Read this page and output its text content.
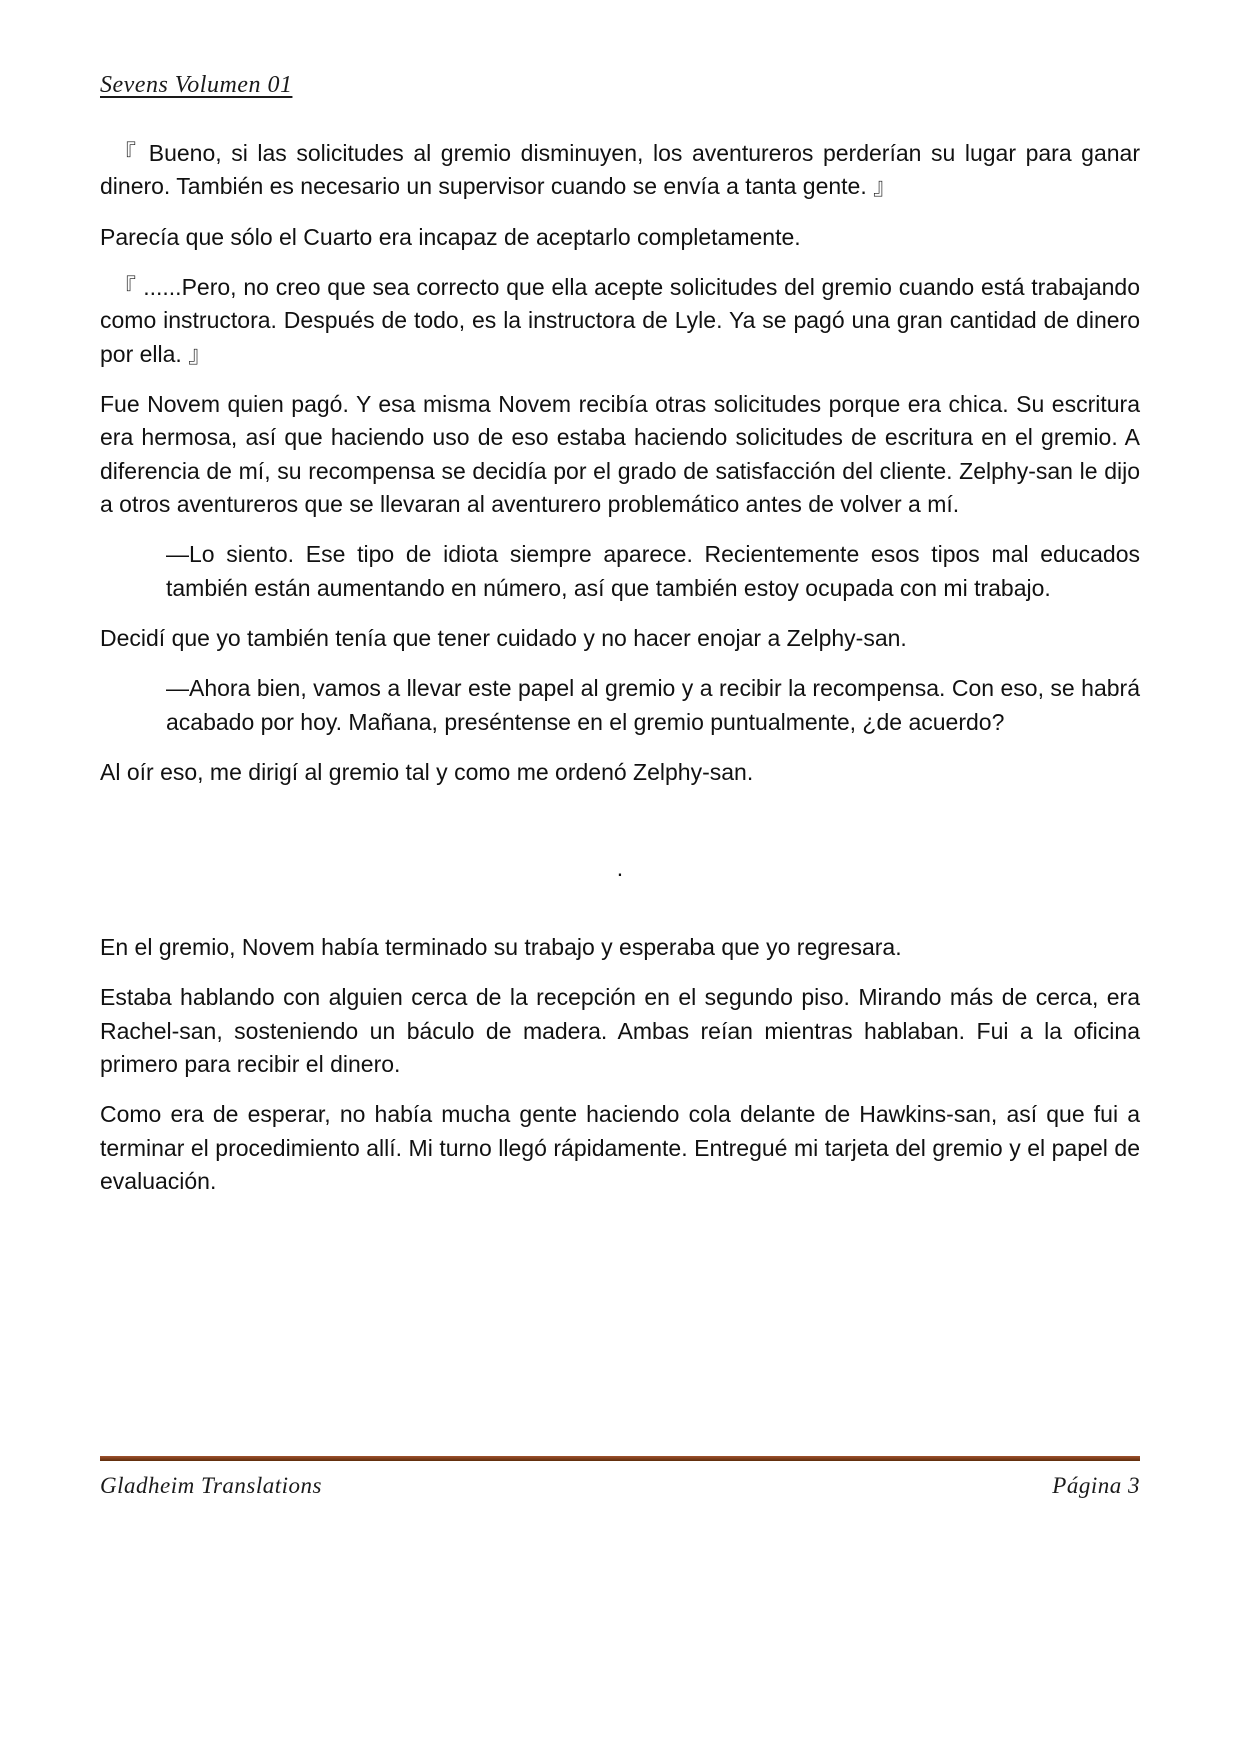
Sevens Volumen 01

『 Bueno, si las solicitudes al gremio disminuyen, los aventureros perderían su lugar para ganar dinero. También es necesario un supervisor cuando se envía a tanta gente. 』

Parecía que sólo el Cuarto era incapaz de aceptarlo completamente.

『 ......Pero, no creo que sea correcto que ella acepte solicitudes del gremio cuando está trabajando como instructora. Después de todo, es la instructora de Lyle. Ya se pagó una gran cantidad de dinero por ella. 』

Fue Novem quien pagó. Y esa misma Novem recibía otras solicitudes porque era chica. Su escritura era hermosa, así que haciendo uso de eso estaba haciendo solicitudes de escritura en el gremio. A diferencia de mí, su recompensa se decidía por el grado de satisfacción del cliente. Zelphy-san le dijo a otros aventureros que se llevaran al aventurero problemático antes de volver a mí.

—Lo siento. Ese tipo de idiota siempre aparece. Recientemente esos tipos mal educados también están aumentando en número, así que también estoy ocupada con mi trabajo.

Decidí que yo también tenía que tener cuidado y no hacer enojar a Zelphy-san.

—Ahora bien, vamos a llevar este papel al gremio y a recibir la recompensa. Con eso, se habrá acabado por hoy. Mañana, preséntense en el gremio puntualmente, ¿de acuerdo?

Al oír eso, me dirigí al gremio tal y como me ordenó Zelphy-san.

.

En el gremio, Novem había terminado su trabajo y esperaba que yo regresara.

Estaba hablando con alguien cerca de la recepción en el segundo piso. Mirando más de cerca, era Rachel-san, sosteniendo un báculo de madera. Ambas reían mientras hablaban. Fui a la oficina primero para recibir el dinero.

Como era de esperar, no había mucha gente haciendo cola delante de Hawkins-san, así que fui a terminar el procedimiento allí. Mi turno llegó rápidamente. Entregué mi tarjeta del gremio y el papel de evaluación.

Gladheim Translations	Página 3
